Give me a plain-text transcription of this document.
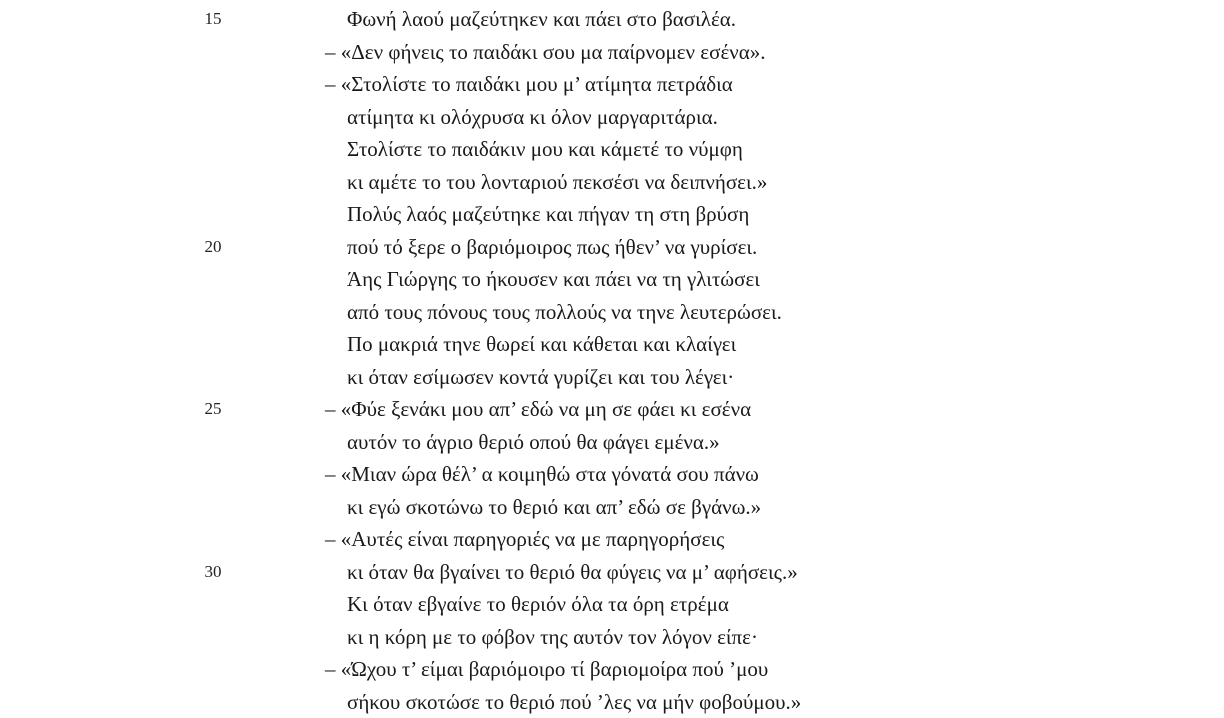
15	Φωνή λαού μαζεύτηκεν και πάει στο βασιλέα.
– «Δεν φήνεις το παιδάκι σου μα παίρνομεν εσένα».
– «Στολίστε το παιδάκι μου μ’ ατίμητα πετράδια
ατίμητα κι ολόχρυσα κι όλον μαργαριτάρια.
Στολίστε το παιδάκιν μου και κάμετέ το νύμφη
κι αμέτε το του λονταριού πεκσέσι να δειπνήσει.»
Πολύς λαός μαζεύτηκε και πήγαν τη στη βρύση
20	πού τό ξερε ο βαριόμοιρος πως ήθεν’ να γυρίσει.
Άης Γιώργης το ήκουσεν και πάει να τη γλιτώσει
από τους πόνους τους πολλούς να τηνε λευτερώσει.
Πο μακριά τηνε θωρεί και κάθεται και κλαίγει
κι όταν εσίμωσεν κοντά γυρίζει και του λέγει·
25	– «Φύε ξενάκι μου απ’ εδώ να μη σε φάει κι εσένα
αυτόν το άγριο θεριό οπού θα φάγει εμένα.»
– «Μιαν ώρα θέλ’ α κοιμηθώ στα γόνατά σου πάνω
κι εγώ σκοτώνω το θεριό και απ’ εδώ σε βγάνω.»
– «Αυτές είναι παρηγοριές να με παρηγορήσεις
30	κι όταν θα βγαίνει το θεριό θα φύγεις να μ’ αφήσεις.»
Κι όταν εβγαίνε το θεριόν όλα τα όρη ετρέμα
κι η κόρη με το φόβον της αυτόν τον λόγον είπε·
– «Ώχου τ’ είμαι βαριόμοιρο τί βαριομοίρα πού ’μου
σήκου σκοτώσε το θεριό πού ’λες να μήν φοβούμου.»
